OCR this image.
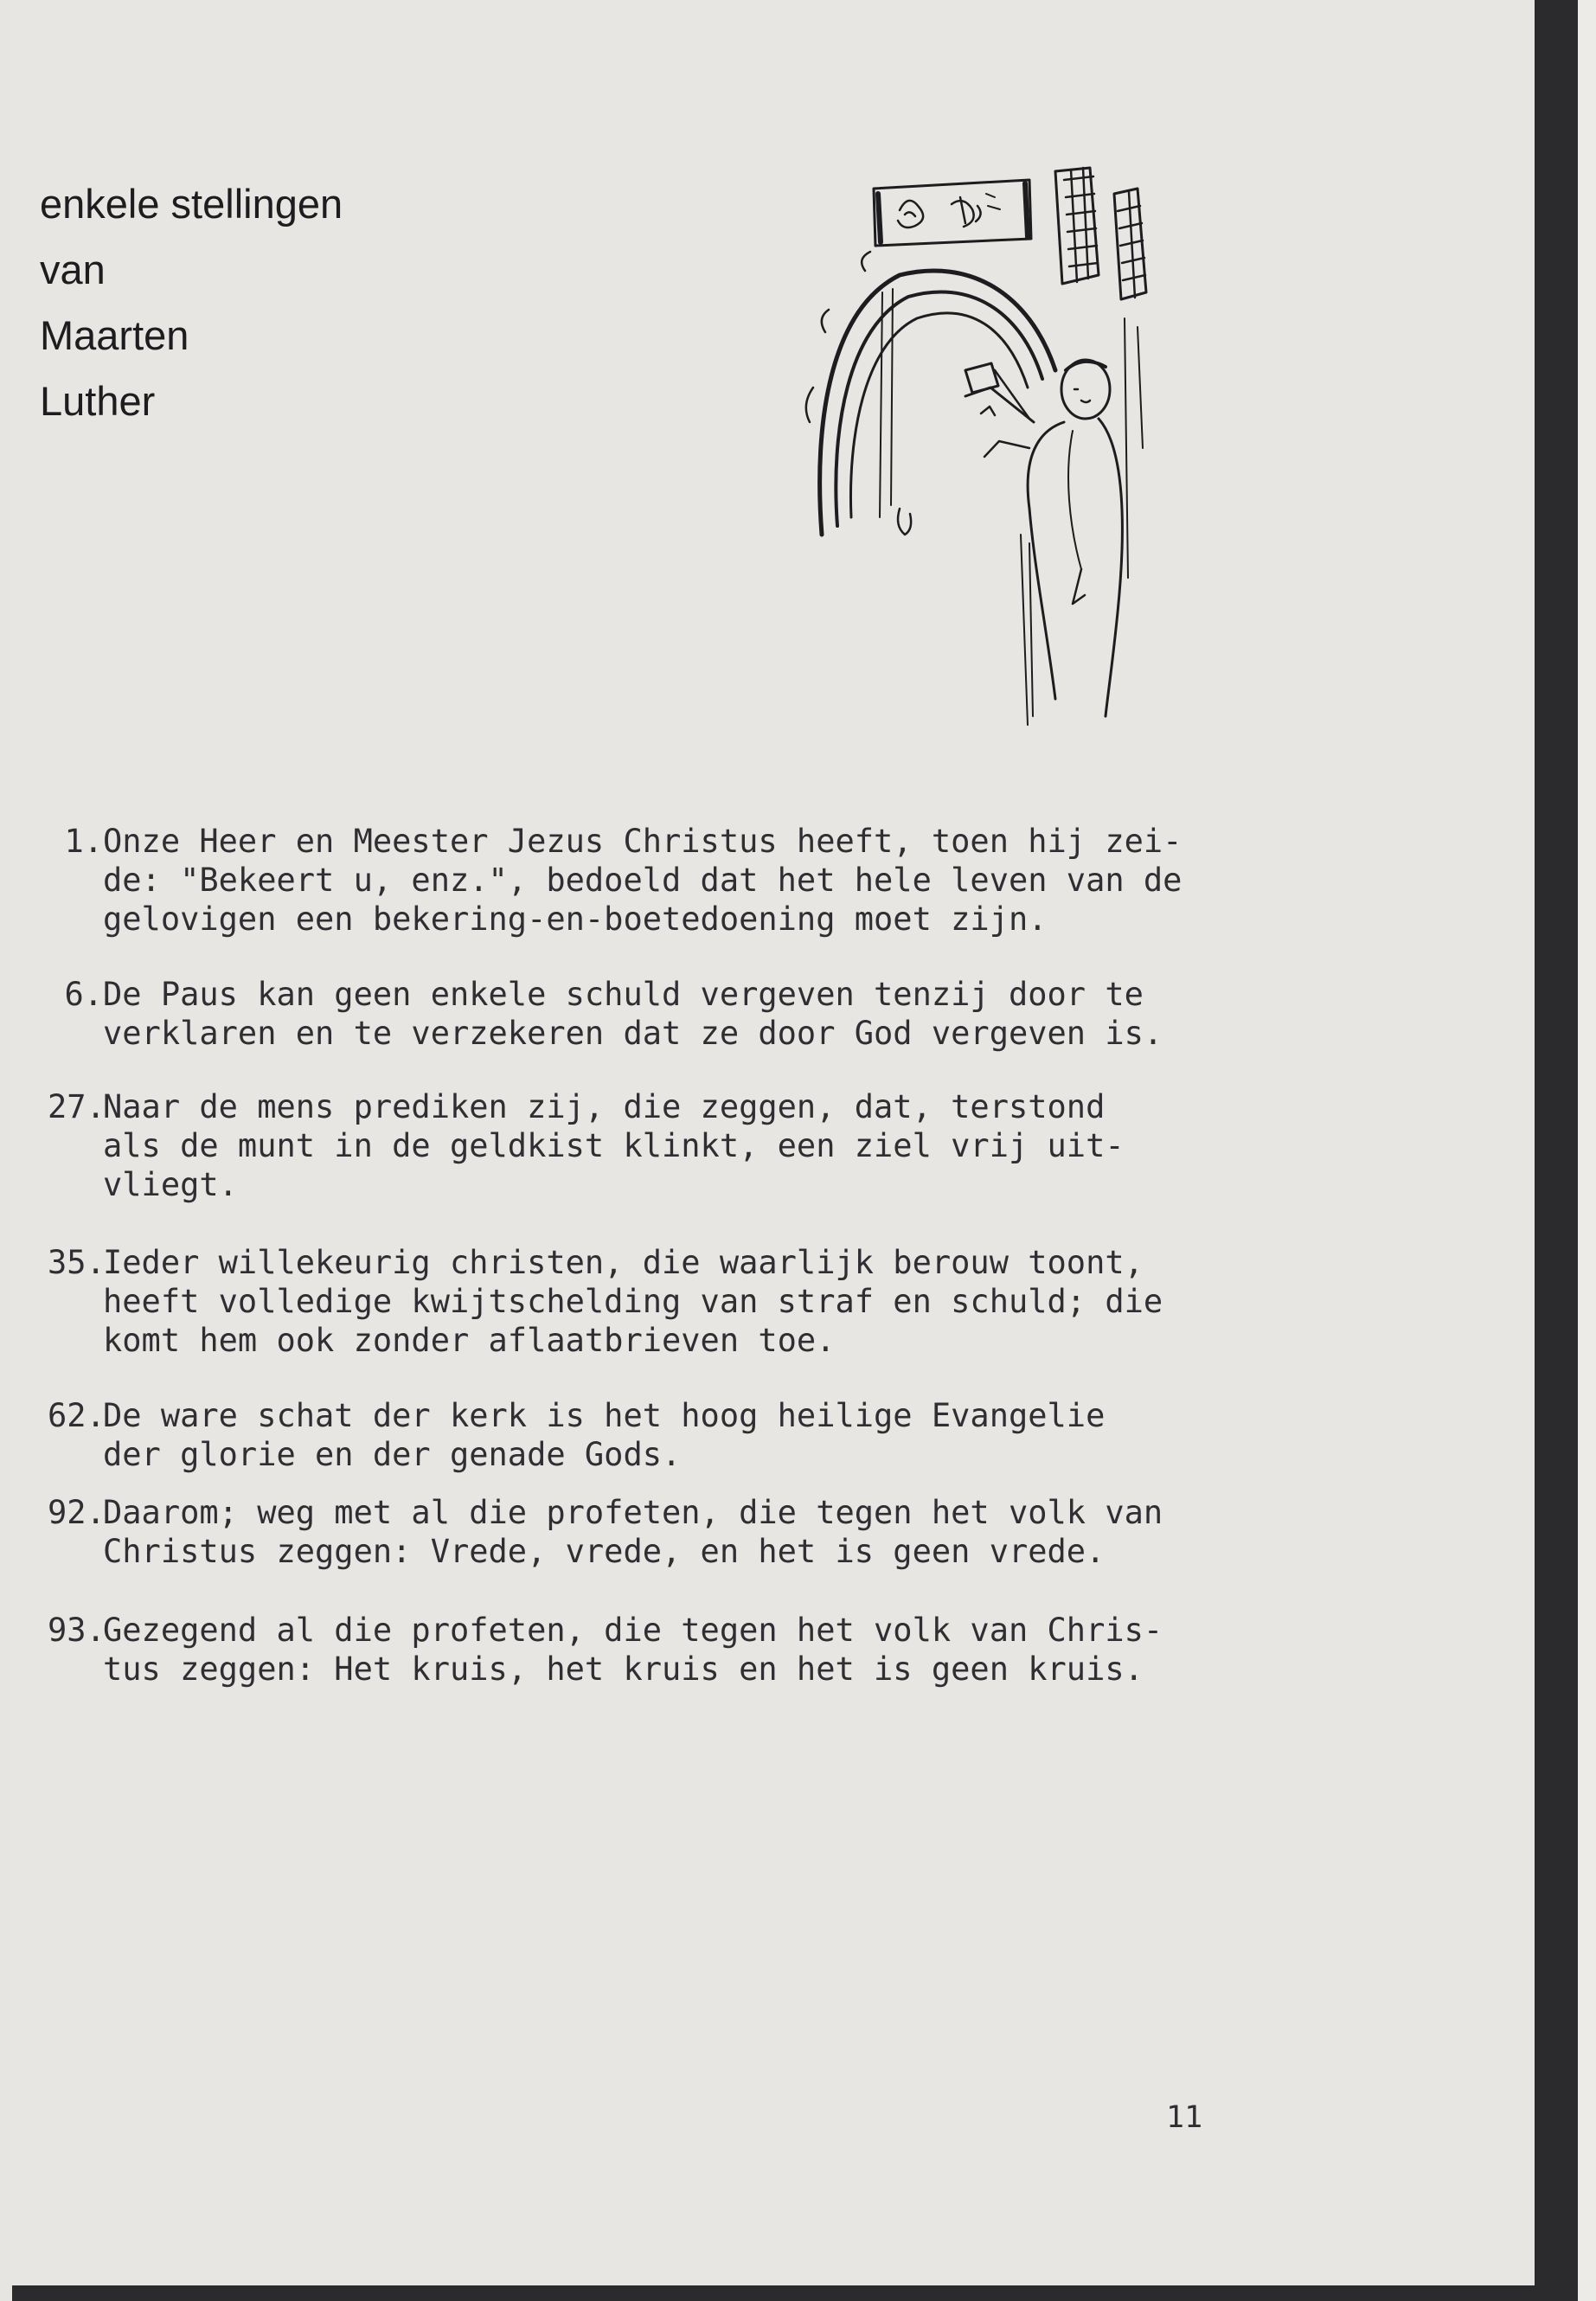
enkele stellingen
van
Maarten
Luther
1. Onze Heer en Meester Jezus Christus heeft, toen hij zei-
de: "Bekeert u, enz.", bedoeld dat het hele leven van de
gelovigen een bekering-en-boetedoening moet zijn.
6. De Paus kan geen enkele schuld vergeven tenzij door te
verklaren en te verzekeren dat ze door God vergeven is.
27.
Naar de mens prediken zij, die zeggen, dat, terstond
als de munt in de geldkist klinkt, een ziel vrij uit-
vliegt.
35.
Ieder willekeurig christen, die waarlijk berouw toont,
heeft volledige kwijtschelding van straf en schuld; die
komt hem ook zonder aflaatbrieven toe.
62.
De ware schat der kerk is het hoog heilige Evangelie
der glorie en der genade Gods.
92.
Daarom; weg met al die profeten, die tegen het volk van
Christus zeggen: Vrede, vrede, en het is geen vrede.
93.
Gezegend al die profeten, die tegen het volk van Chris-
tus zeggen: Het kruis, het kruis en het is geen kruis.
11
